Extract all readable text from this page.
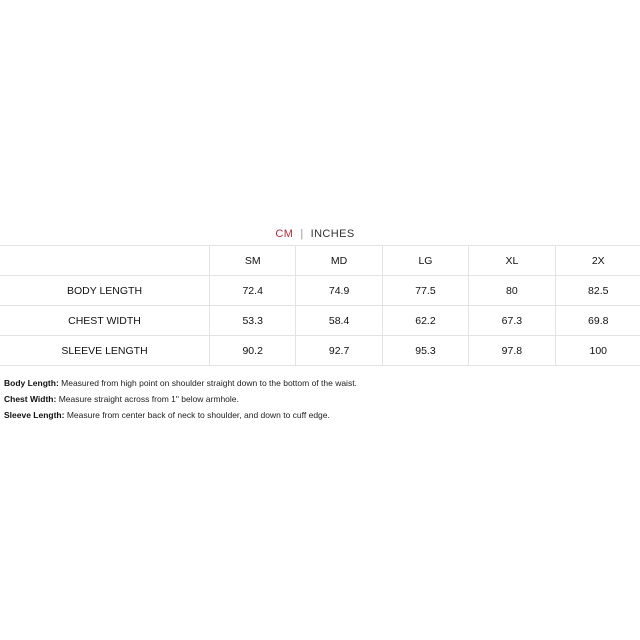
CM | INCHES
	SM	MD	LG	XL	2X
BODY LENGTH	72.4	74.9	77.5	80	82.5
CHEST WIDTH	53.3	58.4	62.2	67.3	69.8
SLEEVE LENGTH	90.2	92.7	95.3	97.8	100
Body Length: Measured from high point on shoulder straight down to the bottom of the waist.
Chest Width: Measure straight across from 1" below armhole.
Sleeve Length: Measure from center back of neck to shoulder, and down to cuff edge.
